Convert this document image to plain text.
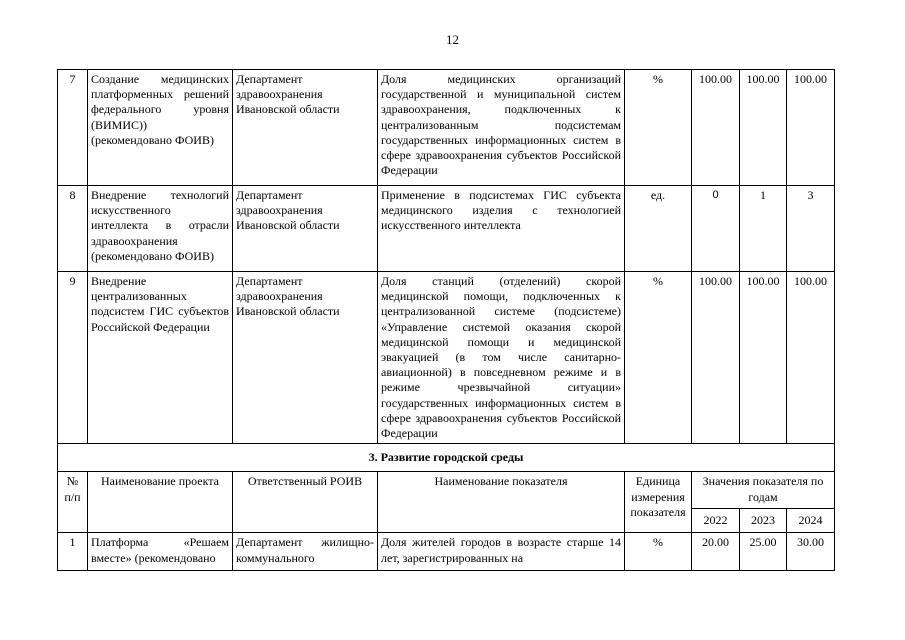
12
7	Создание медицинских платформенных решений федерального уровня (ВИМИС)) (рекомендовано ФОИВ)	Департамент здравоохранения Ивановской области	Доля медицинских организаций государственной и муниципальной систем здравоохранения, подключенных к централизованным подсистемам государственных информационных систем в сфере здравоохранения субъектов Российской Федерации	%	100.00	100.00	100.00
8	Внедрение технологий искусственного интеллекта в отрасли здравоохранения (рекомендовано ФОИВ)	Департамент здравоохранения Ивановской области	Применение в подсистемах ГИС субъекта медицинского изделия с технологией искусственного интеллекта	ед.	0	1	3
9	Внедрение централизованных подсистем ГИС субъектов Российской Федерации	Департамент здравоохранения Ивановской области	Доля станций (отделений) скорой медицинской помощи, подключенных к централизованной системе (подсистеме) «Управление системой оказания скорой медицинской помощи и медицинской эвакуацией (в том числе санитарно-авиационной) в повседневном режиме и в режиме чрезвычайной ситуации» государственных информационных систем в сфере здравоохранения субъектов Российской Федерации	%	100.00	100.00	100.00
3. Развитие городской среды							
№ п/п	Наименование проекта	Ответственный РОИВ	Наименование показателя	Единица измерения показателя	Значения показателя по годам		
					2022	2023	2024
1	Платформа «Решаем вместе» (рекомендовано	Департамент жилищно-коммунального	Доля жителей городов в возрасте старше 14 лет, зарегистрированных на	%	20.00	25.00	30.00
